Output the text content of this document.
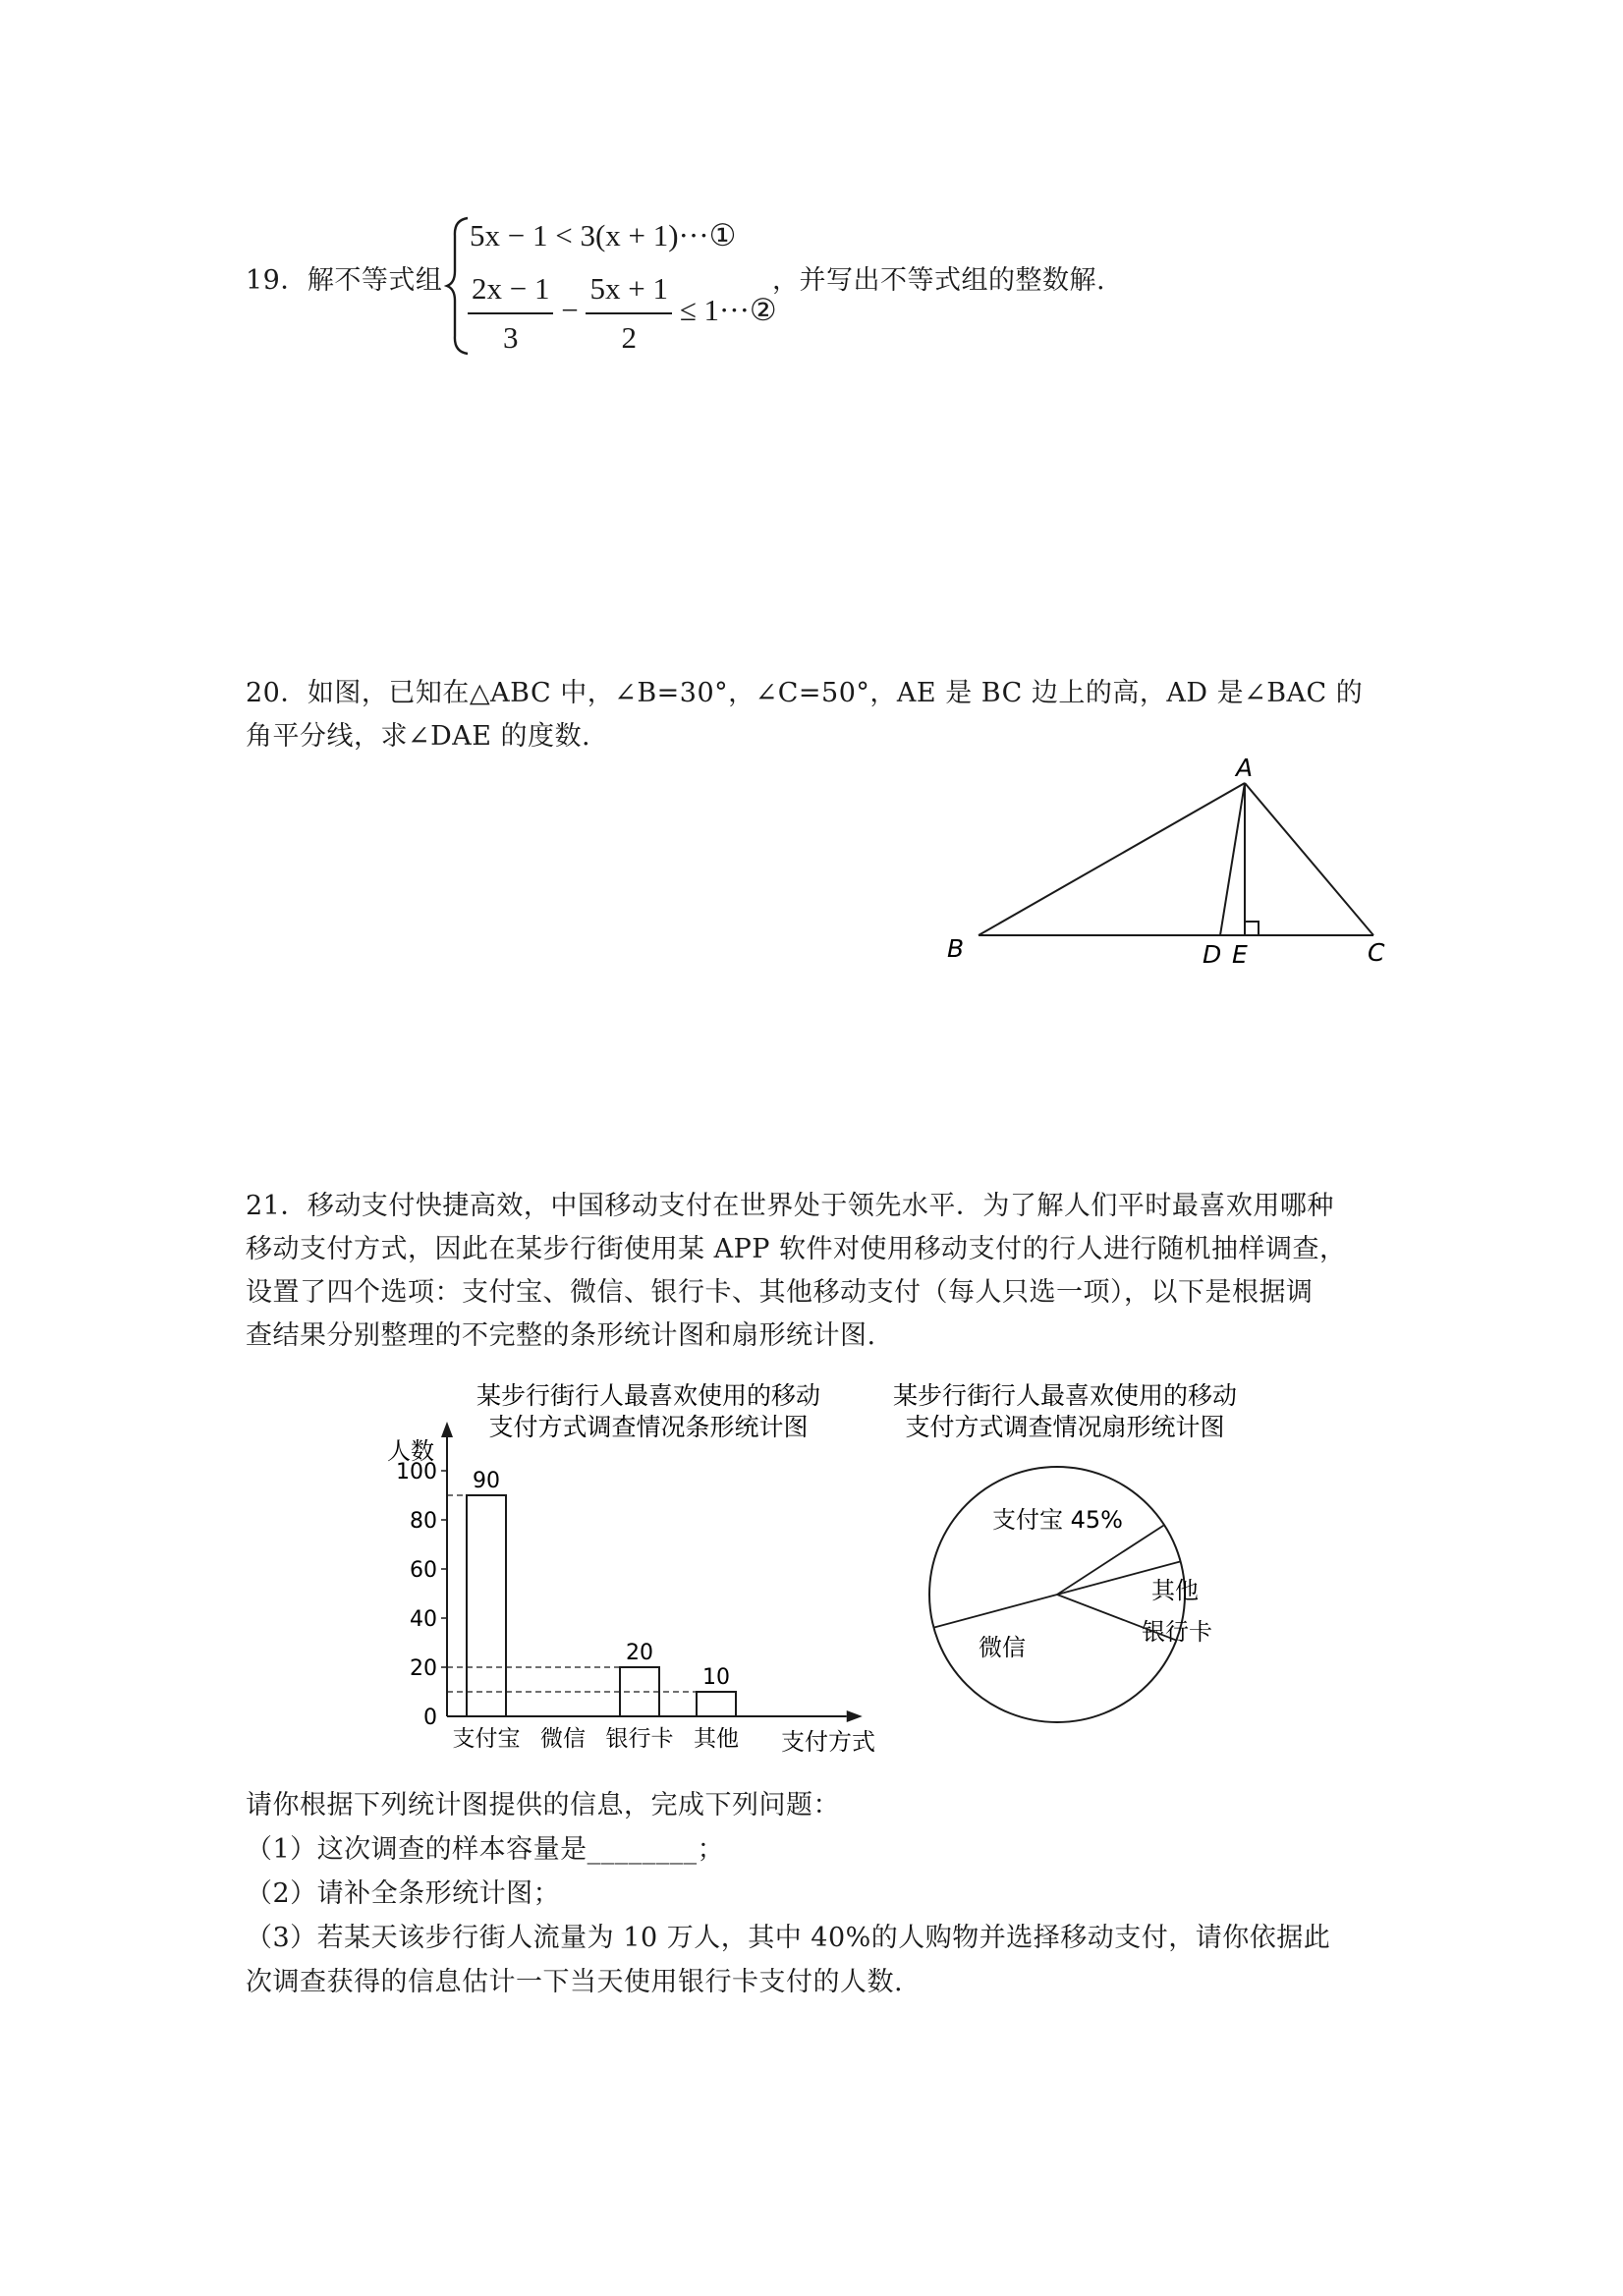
19．解不等式组
5x − 1 < 3(x + 1)···①
$\frac{2x - 1}{3} - \frac{5x + 1}{2}$ ≤ 1···②
，并写出不等式组的整数解.
20．如图，已知在△ABC 中，∠B=30°，∠C=50°，AE 是 BC 边上的高，AD 是∠BAC 的
角平分线，求∠DAE 的度数.
A
B	C
D E
21．移动支付快捷高效，中国移动支付在世界处于领先水平．为了解人们平时最喜欢用哪种
移动支付方式，因此在某步行街使用某 APP 软件对使用移动支付的行人进行随机抽样调查，
设置了四个选项：支付宝、微信、银行卡、其他移动支付（每人只选一项），以下是根据调
查结果分别整理的不完整的条形统计图和扇形统计图.
某步行街行人最喜欢使用的移动
支付方式调查情况条形统计图
人数
0
20
40
60
80
100
支付宝
90
微信 银行卡
20
其他
10
支付方式
某步行街行人最喜欢使用的移动
支付方式调查情况扇形统计图
支付宝 45%
其他
银行卡
微信
请你根据下列统计图提供的信息，完成下列问题：
（1）这次调查的样本容量是________；
（2）请补全条形统计图；
（3）若某天该步行街人流量为 10 万人，其中 40%的人购物并选择移动支付，请你依据此
次调查获得的信息估计一下当天使用银行卡支付的人数.
